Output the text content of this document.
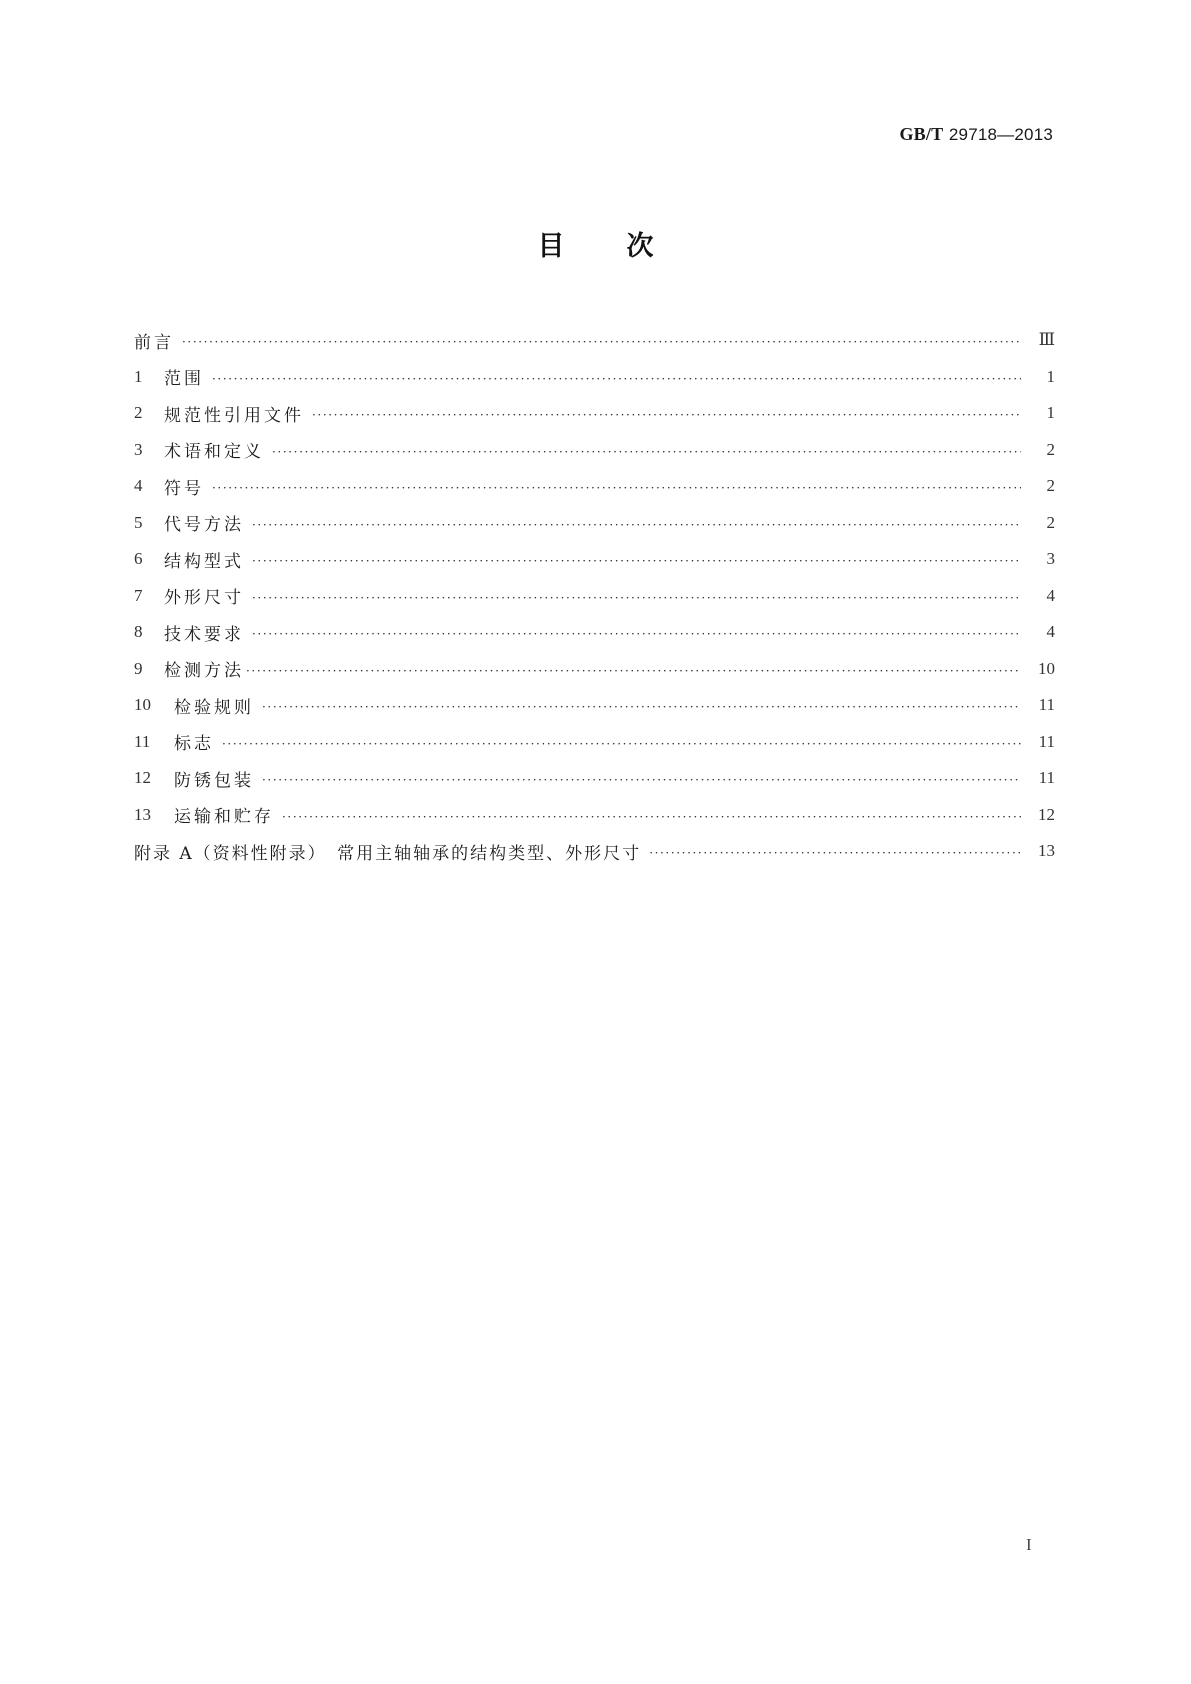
GB/T 29718—2013
目 次
前言 ·····	Ⅲ
1	范围 ·····	1
2	规范性引用文件 ·····	1
3	术语和定义 ·····	2
4	符号 ·····	2
5	代号方法 ·····	2
6	结构型式 ·····	3
7	外形尺寸 ·····	4
8	技术要求 ·····	4
9	检测方法 ·····	10
10	检验规则 ·····	11
11	标志 ·····	11
12	防锈包装 ·····	11
13	运输和贮存 ·····	12
附录 A（资料性附录）　常用主轴轴承的结构类型、外形尺寸 ·····	13
I
